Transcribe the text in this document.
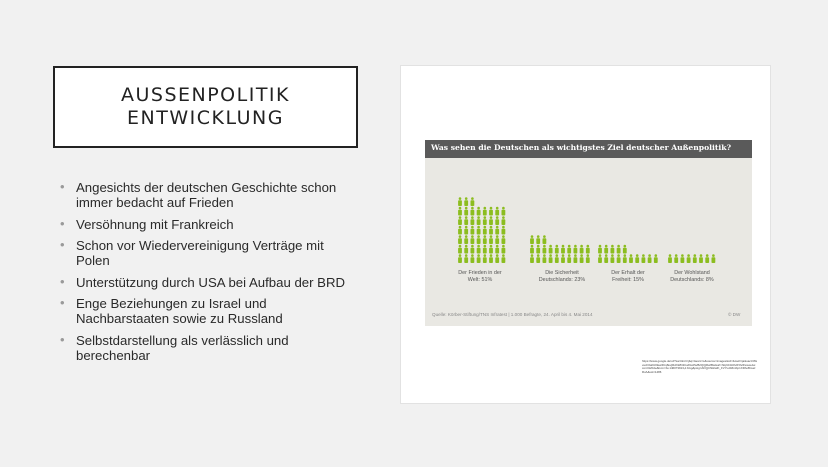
AUSSENPOLITIK
ENTWICKLUNG
• Angesichts der deutschen Geschichte schon immer bedacht auf Frieden
• Versöhnung mit Frankreich
• Schon vor Wiedervereinigung Verträge mit Polen
• Unterstützung durch USA bei Aufbau der BRD
• Enge Beziehungen zu Israel und Nachbarstaaten sowie zu Russland
• Selbstdarstellung als verlässlich und berechenbar
Was sehen die Deutschen als wichtigstes Ziel deutscher Außenpolitik?
Der Frieden in der
Welt: 51%
Die Sicherheit
Deutschlands: 23%
Der Erhalt der
Freiheit: 15%
Der Wohlstand
Deutschlands: 8%
Quelle: Körber-Stiftung/TNS Infratest | 1.000 Befragte, 24. April bis 4. Mai 2014	© DW
https://www.google.de/url?sa=i&rct=j&q=&esrc=s&source=images&cd=&cad=rja&uact=8&ved=0ahUKEwiFlrq8ovjRAhWD2CwKHdSvB2QQjRwIBw&url=http%3A%2F%2Fwww.dw.com%2Fde&bvm=bv.146073913,d.bGg&psig=AFQjCNHIaIK_FVYLd0ZmKp1XDhoBmaJRxA&ust=1486
